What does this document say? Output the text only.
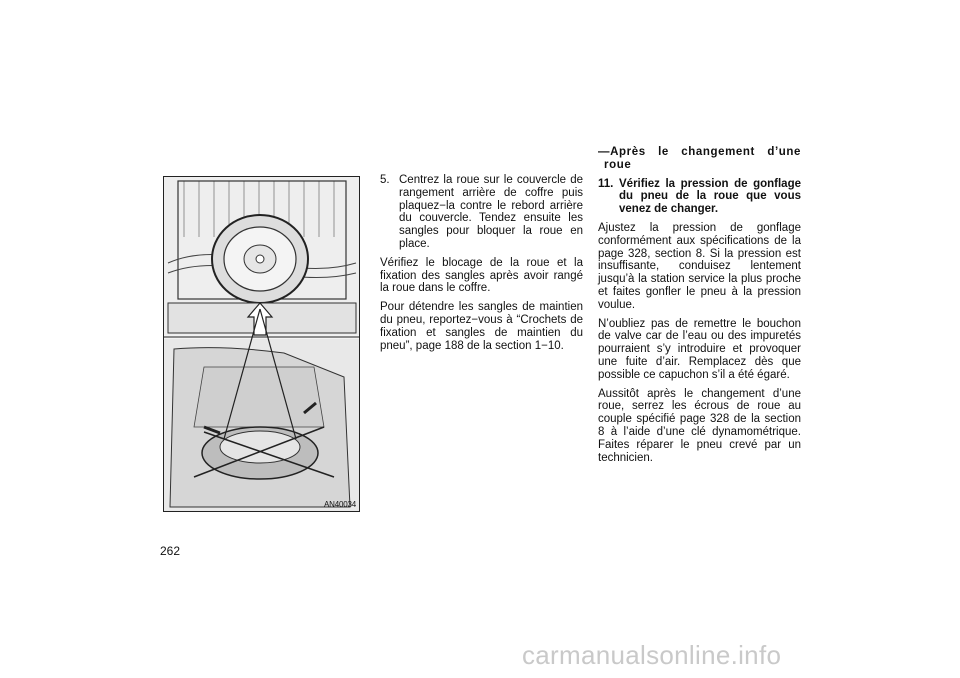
AN40034

5. Centrez la roue sur le couvercle de rangement arrière de coffre puis plaquez−la contre le rebord arrière du couvercle. Tendez ensuite les sangles pour bloquer la roue en place.

Vérifiez le blocage de la roue et la fixation des sangles après avoir rangé la roue dans le coffre.

Pour détendre les sangles de maintien du pneu, reportez−vous à “Crochets de fixation et sangles de maintien du pneu”, page 188 de la section 1−10.

—Après le changement d’une roue

11. Vérifiez la pression de gonflage du pneu de la roue que vous venez de changer.

Ajustez la pression de gonflage conformément aux spécifications de la page 328, section 8. Si la pression est insuffisante, conduisez lentement jusqu’à la station service la plus proche et faites gonfler le pneu à la pression voulue.

N’oubliez pas de remettre le bouchon de valve car de l’eau ou des impuretés pourraient s’y introduire et provoquer une fuite d’air. Remplacez dès que possible ce capuchon s’il a été égaré.

Aussitôt après le changement d’une roue, serrez les écrous de roue au couple spécifié page 328 de la section 8 à l’aide d’une clé dynamométrique. Faites réparer le pneu crevé par un technicien.

262
carmanualsonline.info
